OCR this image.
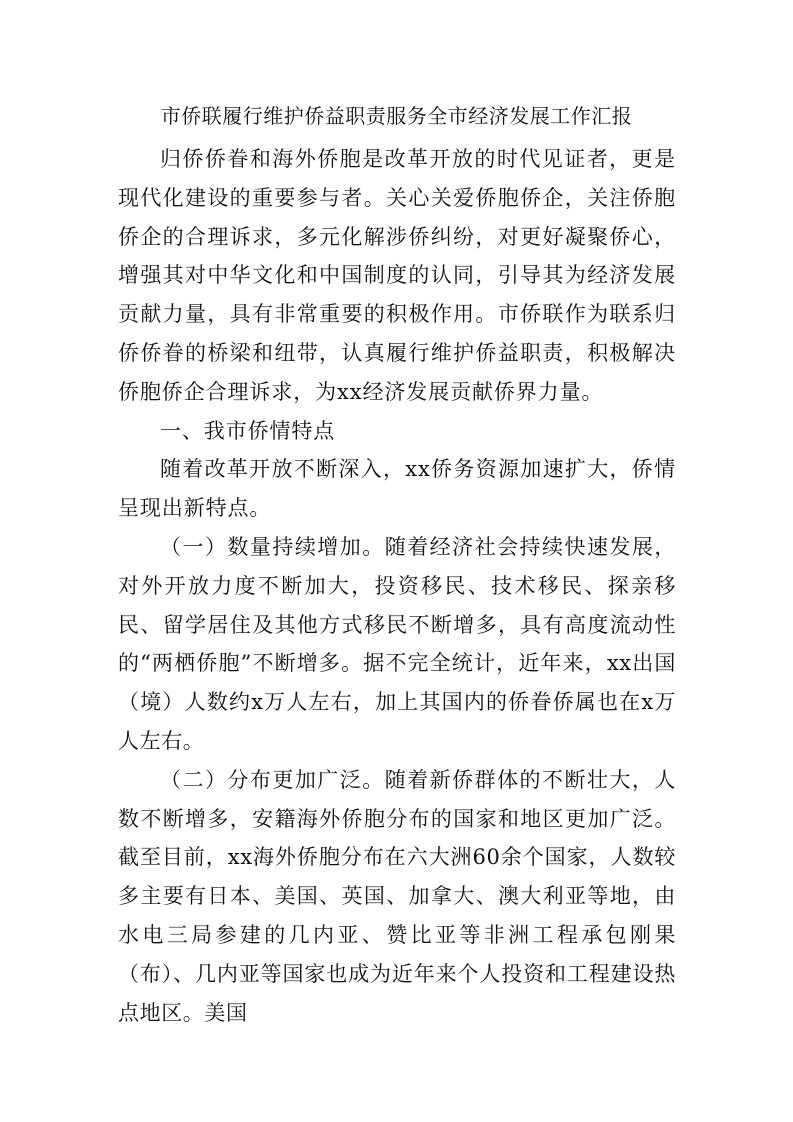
市侨联履行维护侨益职责服务全市经济发展工作汇报

归侨侨眷和海外侨胞是改革开放的时代见证者，更是现代化建设的重要参与者。关心关爱侨胞侨企，关注侨胞侨企的合理诉求，多元化解涉侨纠纷，对更好凝聚侨心，增强其对中华文化和中国制度的认同，引导其为经济发展贡献力量，具有非常重要的积极作用。市侨联作为联系归侨侨眷的桥梁和纽带，认真履行维护侨益职责，积极解决侨胞侨企合理诉求，为xx经济发展贡献侨界力量。

一、我市侨情特点

随着改革开放不断深入，xx侨务资源加速扩大，侨情呈现出新特点。

（一）数量持续增加。随着经济社会持续快速发展，对外开放力度不断加大，投资移民、技术移民、探亲移民、留学居住及其他方式移民不断增多，具有高度流动性的“两栖侨胞”不断增多。据不完全统计，近年来，xx出国（境）人数约x万人左右，加上其国内的侨眷侨属也在x万人左右。

（二）分布更加广泛。随着新侨群体的不断壮大，人数不断增多，安籍海外侨胞分布的国家和地区更加广泛。截至目前，xx海外侨胞分布在六大洲60余个国家，人数较多主要有日本、美国、英国、加拿大、澳大利亚等地，由水电三局参建的几内亚、赞比亚等非洲工程承包刚果（布）、几内亚等国家也成为近年来个人投资和工程建设热点地区。美国
